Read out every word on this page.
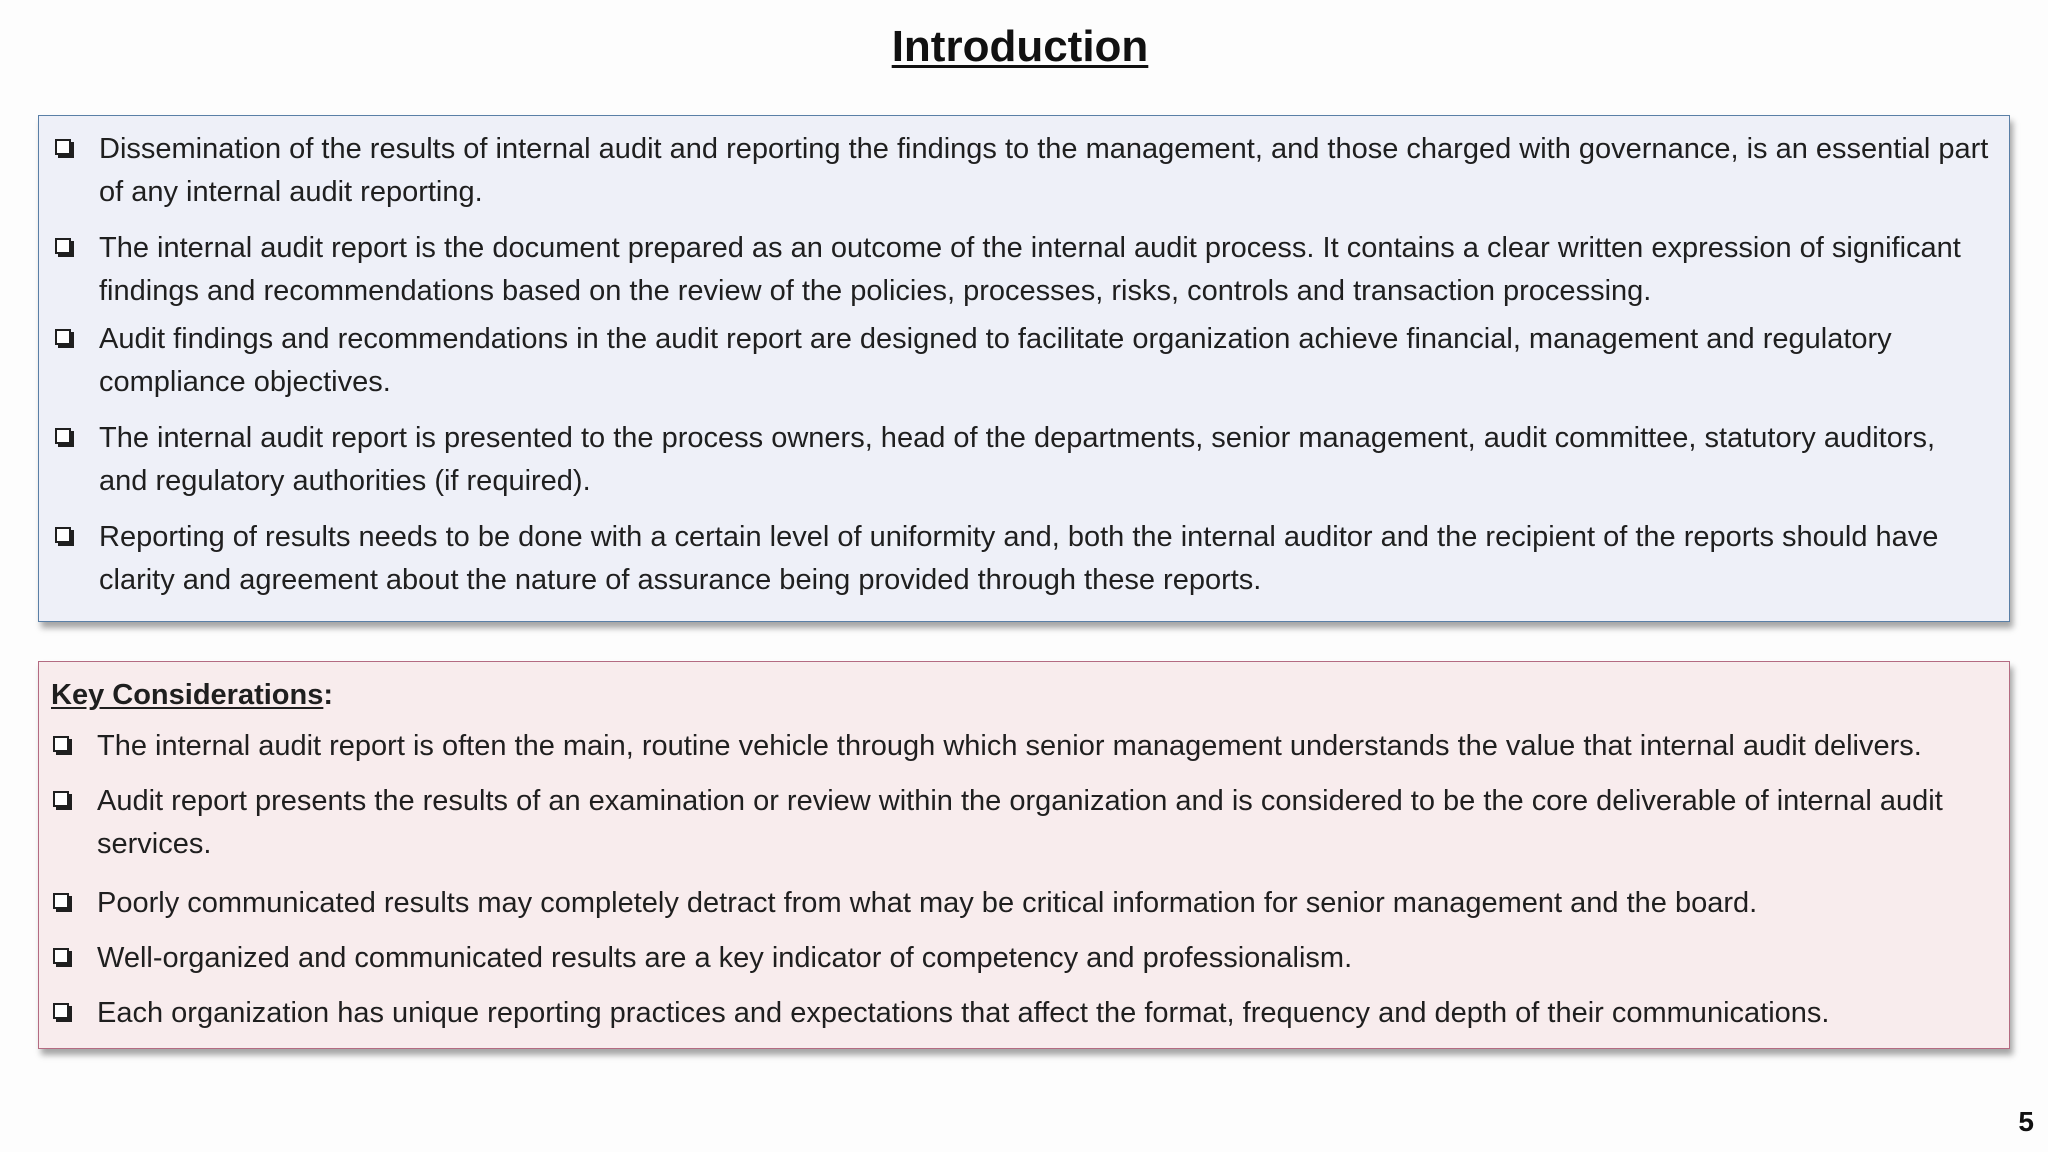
Introduction
Dissemination of the results of internal audit and reporting the findings to the management, and those charged with governance, is an essential part of any internal audit reporting.
The internal audit report is the document prepared as an outcome of the internal audit process. It contains a clear written expression of significant findings and recommendations based on the review of the policies, processes, risks, controls and transaction processing.
Audit findings and recommendations in the audit report are designed to facilitate organization achieve financial, management and regulatory compliance objectives.
The internal audit report is presented to the process owners, head of the departments, senior management, audit committee, statutory auditors, and regulatory authorities (if required).
Reporting of results needs to be done with a certain level of uniformity and, both the internal auditor and the recipient of the reports should have clarity and agreement about the nature of assurance being provided through these reports.
Key Considerations:
The internal audit report is often the main, routine vehicle through which senior management understands the value that internal audit delivers.
Audit report presents the results of an examination or review within the organization and is considered to be the core deliverable of internal audit services.
Poorly communicated results may completely detract from what may be critical information for senior management and the board.
Well-organized and communicated results are a key indicator of competency and professionalism.
Each organization has unique reporting practices and expectations that affect the format, frequency and depth of their communications.
5
